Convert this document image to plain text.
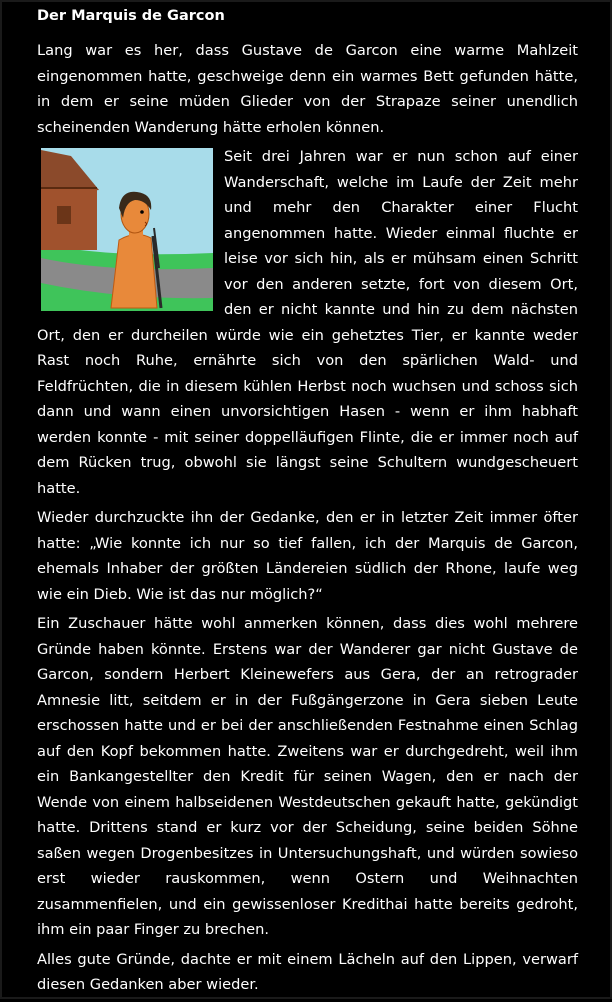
Der Marquis de Garcon

Lang war es her, dass Gustave de Garcon eine warme Mahlzeit eingenommen hatte, geschweige denn ein warmes Bett gefunden hätte, in dem er seine müden Glieder von der Strapaze seiner unendlich scheinenden Wanderung hätte erholen können.

Seit drei Jahren war er nun schon auf einer Wanderschaft, welche im Laufe der Zeit mehr und mehr den Charakter einer Flucht angenommen hatte. Wieder einmal fluchte er leise vor sich hin, als er mühsam einen Schritt vor den anderen setzte, fort von diesem Ort, den er nicht kannte und hin zu dem nächsten Ort, den er durcheilen würde wie ein gehetztes Tier, er kannte weder Rast noch Ruhe, ernährte sich von den spärlichen Wald- und Feldfrüchten, die in diesem kühlen Herbst noch wuchsen und schoss sich dann und wann einen unvorsichtigen Hasen - wenn er ihm habhaft werden konnte - mit seiner doppelläufigen Flinte, die er immer noch auf dem Rücken trug, obwohl sie längst seine Schultern wundgescheuert hatte.

Wieder durchzuckte ihn der Gedanke, den er in letzter Zeit immer öfter hatte: „Wie konnte ich nur so tief fallen, ich der Marquis de Garcon, ehemals Inhaber der größten Ländereien südlich der Rhone, laufe weg wie ein Dieb. Wie ist das nur möglich?“

Ein Zuschauer hätte wohl anmerken können, dass dies wohl mehrere Gründe haben könnte. Erstens war der Wanderer gar nicht Gustave de Garcon, sondern Herbert Kleinewefers aus Gera, der an retrograder Amnesie litt, seitdem er in der Fußgängerzone in Gera sieben Leute erschossen hatte und er bei der anschließenden Festnahme einen Schlag auf den Kopf bekommen hatte. Zweitens war er durchgedreht, weil ihm ein Bankangestellter den Kredit für seinen Wagen, den er nach der Wende von einem halbseidenen Westdeutschen gekauft hatte, gekündigt hatte. Drittens stand er kurz vor der Scheidung, seine beiden Söhne saßen wegen Drogenbesitzes in Untersuchungshaft, und würden sowieso erst wieder rauskommen, wenn Ostern und Weihnachten zusammenfielen, und ein gewissenloser Kredithai hatte bereits gedroht, ihm ein paar Finger zu brechen.

Alles gute Gründe, dachte er mit einem Lächeln auf den Lippen, verwarf diesen Gedanken aber wieder.
